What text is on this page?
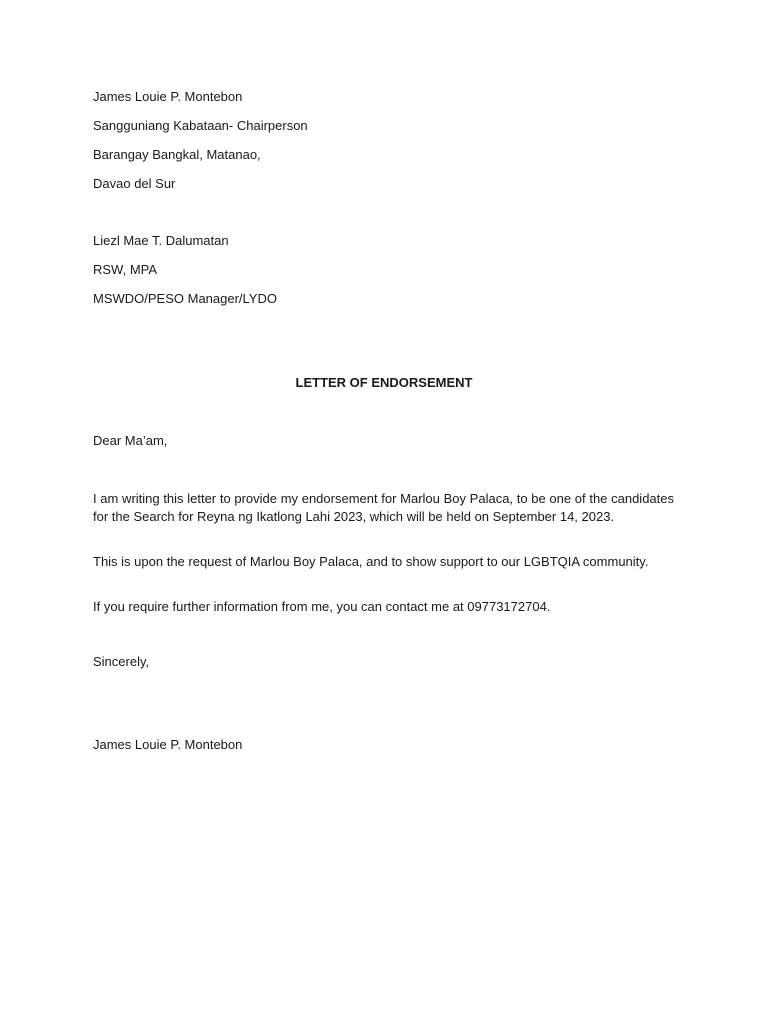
James Louie P. Montebon
Sangguniang Kabataan- Chairperson
Barangay Bangkal, Matanao,
Davao del Sur
Liezl Mae T. Dalumatan
RSW, MPA
MSWDO/PESO Manager/LYDO
LETTER OF ENDORSEMENT
Dear Ma’am,
I am writing this letter to provide my endorsement for Marlou Boy Palaca, to be one of the candidates for the Search for Reyna ng Ikatlong Lahi 2023, which will be held on September 14, 2023.
This is upon the request of Marlou Boy Palaca, and to show support to our LGBTQIA community.
If you require further information from me, you can contact me at 09773172704.
Sincerely,
James Louie P. Montebon
